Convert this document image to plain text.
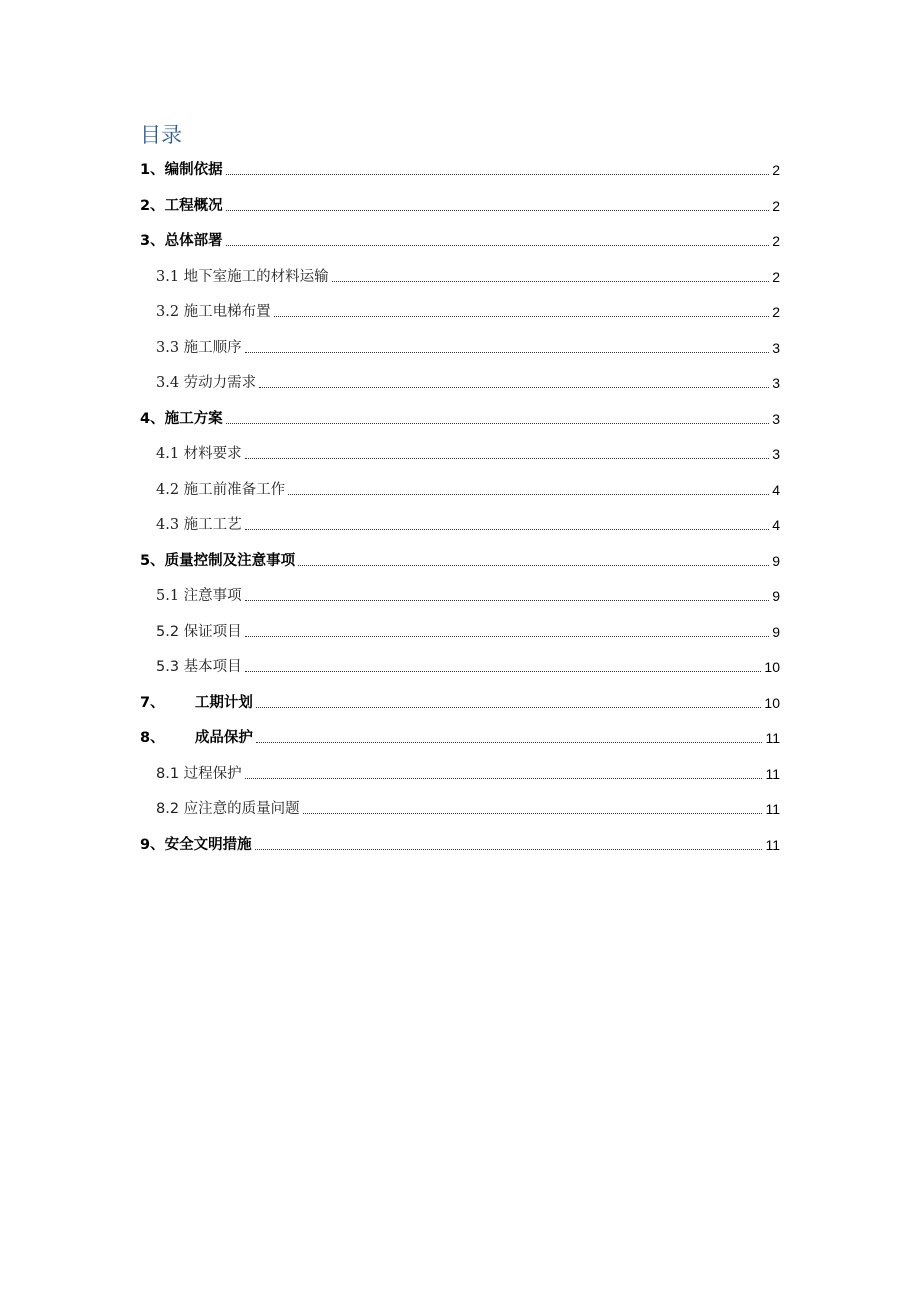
目录
1、编制依据	2
2、工程概况	2
3、总体部署	2
3.1 地下室施工的材料运输	2
3.2 施工电梯布置	2
3.3 施工顺序	3
3.4 劳动力需求	3
4、施工方案	3
4.1 材料要求	3
4.2 施工前准备工作	4
4.3 施工工艺	4
5、质量控制及注意事项	9
5.1 注意事项	9
5.2 保证项目	9
5.3 基本项目	10
7、      工期计划	10
8、      成品保护	11
8.1 过程保护	11
8.2 应注意的质量问题	11
9、安全文明措施	11
